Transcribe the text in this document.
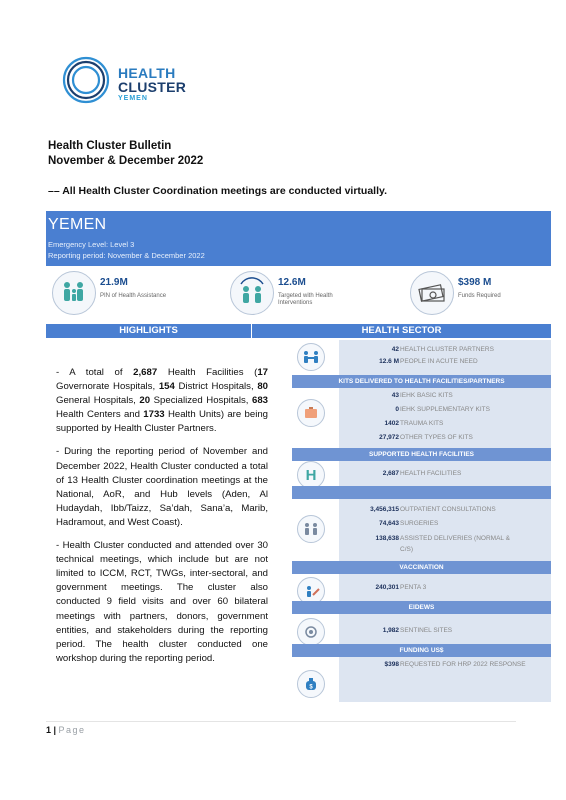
HEALTH
CLUSTER
YEMEN
Health Cluster Bulletin
November & December 2022
–– All Health Cluster Coordination meetings are conducted virtually.
YEMEN
Emergency Level: Level 3
Reporting period: November & December 2022
21.9M
PIN of Health Assistance
12.6M
Targeted with Health Interventions
$398 M
Funds Required
HIGHLIGHTS	HEALTH SECTOR

- A total of 2,687 Health Facilities (17 Governorate Hospitals, 154 District Hospitals, 80 General Hospitals, 20 Specialized Hospitals, 683 Health Centers and 1733 Health Units) are being supported by Health Cluster Partners.

- During the reporting period of November and December 2022, Health Cluster conducted a total of 13 Health Cluster coordination meetings at the National, AoR, and Hub levels (Aden, Al Hudaydah, Ibb/Taizz, Sa’dah, Sana’a, Marib, Hadramout, and West Coast).

- Health Cluster conducted and attended over 30 technical meetings, which include but are not limited to ICCM, RCT, TWGs, inter-sectoral, and government meetings. The cluster also conducted 9 field visits and over 60 bilateral meetings with partners, donors, government entities, and stakeholders during the reporting period. The health cluster conducted one workshop during the reporting period.

42HEALTH CLUSTER PARTNERS
12.6 MPEOPLE IN ACUTE NEED
KITS DELIVERED TO HEALTH FACILITIES/PARTNERS
43IEHK BASIC KITS
0IEHK SUPPLEMENTARY KITS
1402TRAUMA KITS
27,972OTHER TYPES OF KITS
SUPPORTED HEALTH FACILITIES
H	2,687HEALTH FACILITIES
3,456,315OUTPATIENT CONSULTATIONS
74,643SURGERIES
138,638ASSISTED DELIVERIES (NORMAL &
C/S)
VACCINATION
240,301PENTA 3
EIDEWS
1,982SENTINEL SITES
FUNDING US$
$
$398REQUESTED FOR HRP 2022 RESPONSE
1 | Page
